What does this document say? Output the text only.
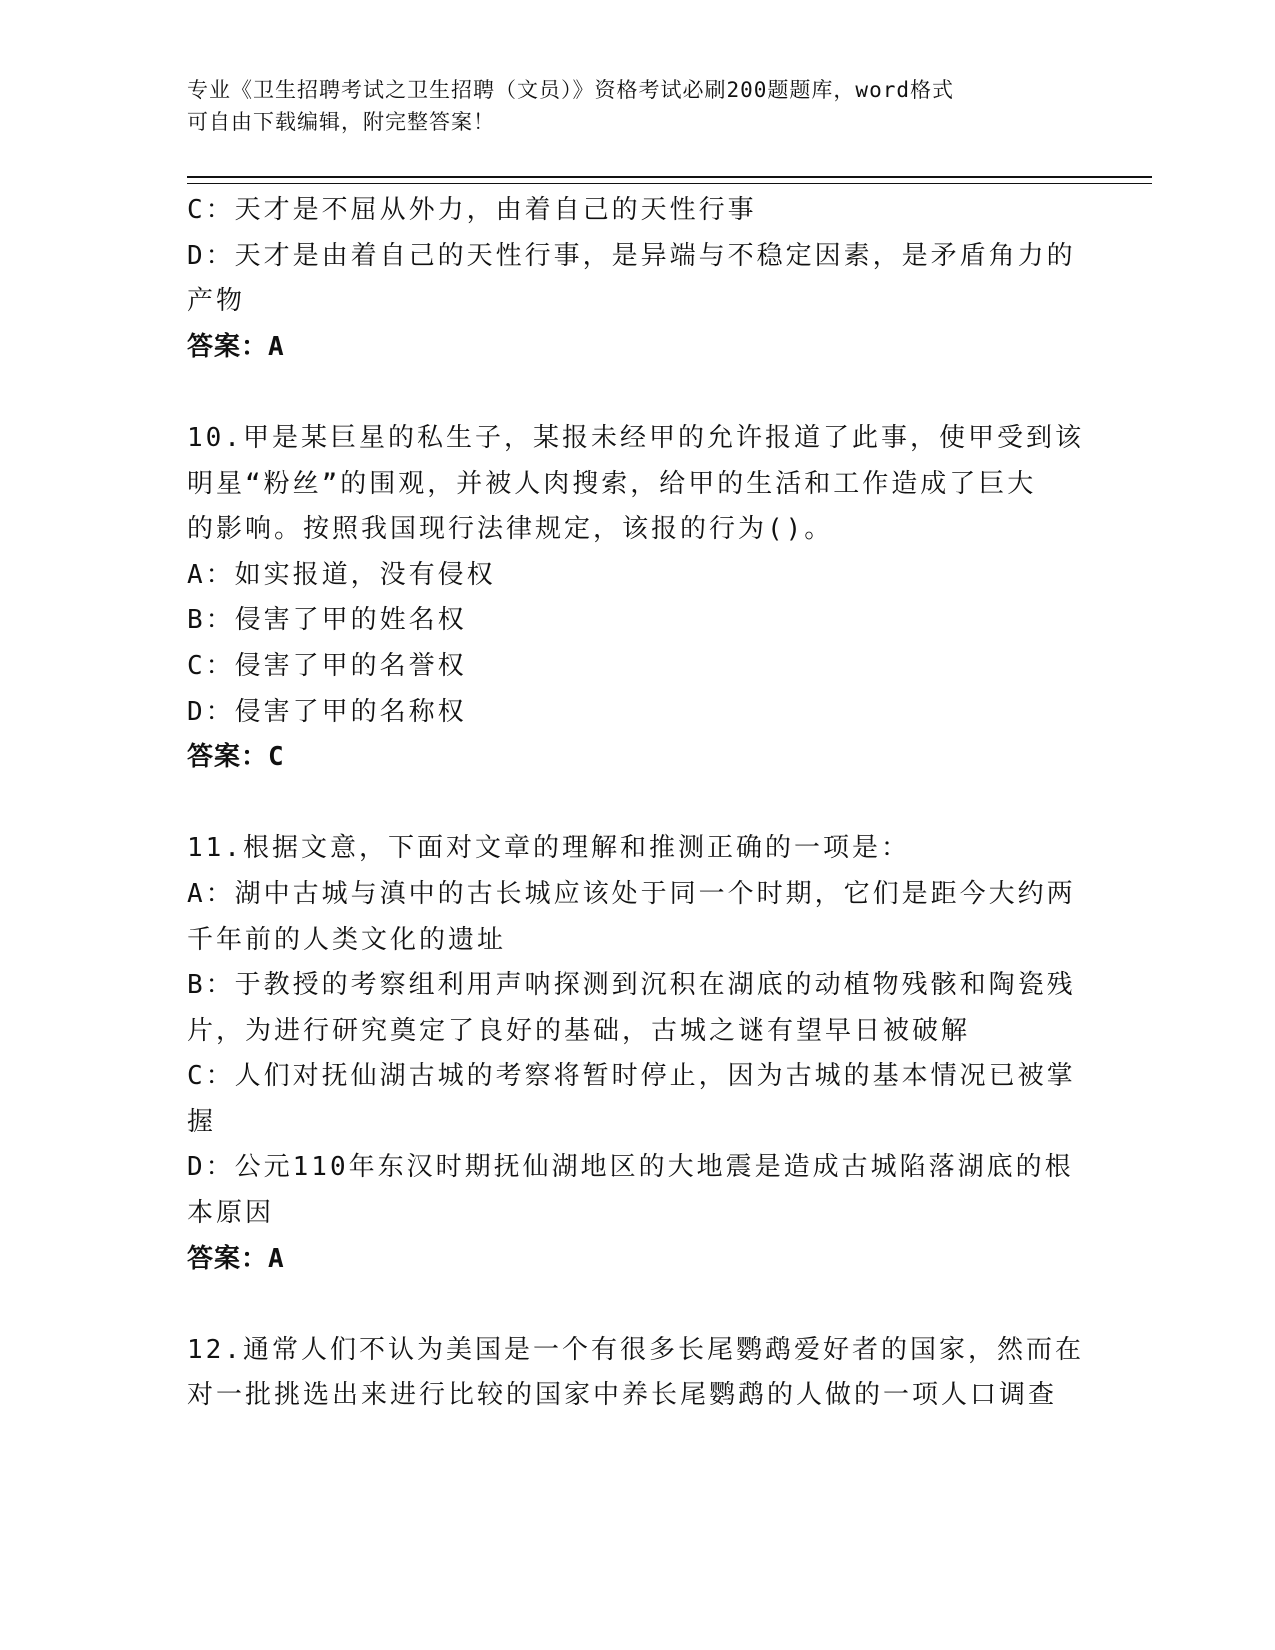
专业《卫生招聘考试之卫生招聘（文员）》资格考试必刷200题题库，word格式
可自由下载编辑，附完整答案！
C：天才是不屈从外力，由着自己的天性行事
D：天才是由着自己的天性行事，是异端与不稳定因素，是矛盾角力的
产物
答案：A
10.甲是某巨星的私生子，某报未经甲的允许报道了此事，使甲受到该
明星“粉丝”的围观，并被人肉搜索，给甲的生活和工作造成了巨大
的影响。按照我国现行法律规定，该报的行为()。
A：如实报道，没有侵权
B：侵害了甲的姓名权
C：侵害了甲的名誉权
D：侵害了甲的名称权
答案：C
11.根据文意，下面对文章的理解和推测正确的一项是：
A：湖中古城与滇中的古长城应该处于同一个时期，它们是距今大约两
千年前的人类文化的遗址
B：于教授的考察组利用声呐探测到沉积在湖底的动植物残骸和陶瓷残
片，为进行研究奠定了良好的基础，古城之谜有望早日被破解
C：人们对抚仙湖古城的考察将暂时停止，因为古城的基本情况已被掌
握
D：公元110年东汉时期抚仙湖地区的大地震是造成古城陷落湖底的根
本原因
答案：A
12.通常人们不认为美国是一个有很多长尾鹦鹉爱好者的国家，然而在
对一批挑选出来进行比较的国家中养长尾鹦鹉的人做的一项人口调查
